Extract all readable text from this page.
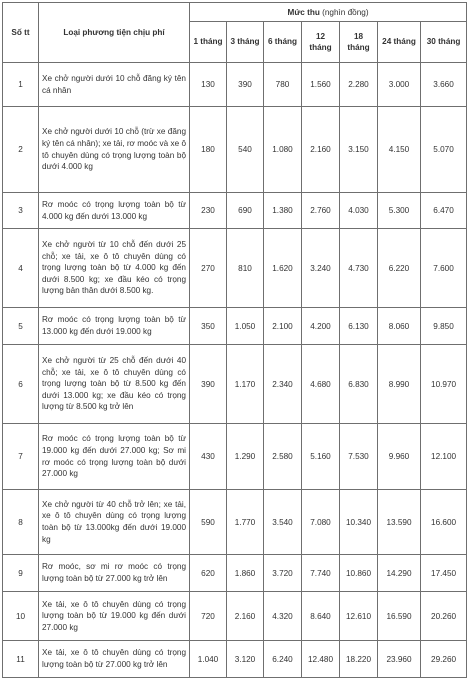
Số tt	Loại phương tiện chịu phí	Mức thu (nghìn đồng)						
		1 tháng	3 tháng	6 tháng	12 tháng	18 tháng	24 tháng	30 tháng
1	Xe chở người dưới 10 chỗ đăng ký tên cá nhân	130	390	780	1.560	2.280	3.000	3.660
2	Xe chở người dưới 10 chỗ (trừ xe đăng ký tên cá nhân); xe tải, rơ moóc và xe ô tô chuyên dùng có trọng lượng toàn bộ dưới 4.000 kg	180	540	1.080	2.160	3.150	4.150	5.070
3	Rơ moóc có trọng lượng toàn bộ từ 4.000 kg đến dưới 13.000 kg	230	690	1.380	2.760	4.030	5.300	6.470
4	Xe chở người từ 10 chỗ đến dưới 25 chỗ; xe tải, xe ô tô chuyên dùng có trọng lượng toàn bộ từ 4.000 kg đến dưới 8.500 kg; xe đầu kéo có trọng lượng bản thân dưới 8.500 kg.	270	810	1.620	3.240	4.730	6.220	7.600
5	Rơ moóc có trọng lượng toàn bộ từ 13.000 kg đến dưới 19.000 kg	350	1.050	2.100	4.200	6.130	8.060	9.850
6	Xe chở người từ 25 chỗ đến dưới 40 chỗ; xe tải, xe ô tô chuyên dùng có trọng lượng toàn bộ từ 8.500 kg đến dưới 13.000 kg; xe đầu kéo có trọng lượng từ 8.500 kg trở lên	390	1.170	2.340	4.680	6.830	8.990	10.970
7	Rơ moóc có trọng lượng toàn bộ từ 19.000 kg đến dưới 27.000 kg; Sơ mi rơ moóc có trọng lượng toàn bộ dưới 27.000 kg	430	1.290	2.580	5.160	7.530	9.960	12.100
8	Xe chở người từ 40 chỗ trở lên; xe tải, xe ô tô chuyên dùng có trọng lượng toàn bộ từ 13.000kg đến dưới 19.000 kg	590	1.770	3.540	7.080	10.340	13.590	16.600
9	Rơ moóc, sơ mi rơ moóc có trọng lượng toàn bộ từ 27.000 kg trở lên	620	1.860	3.720	7.740	10.860	14.290	17.450
10	Xe tải, xe ô tô chuyên dùng có trọng lượng toàn bộ từ 19.000 kg đến dưới 27.000 kg	720	2.160	4.320	8.640	12.610	16.590	20.260
11	Xe tải, xe ô tô chuyên dùng có trọng lượng toàn bộ từ 27.000 kg trở lên	1.040	3.120	6.240	12.480	18.220	23.960	29.260
